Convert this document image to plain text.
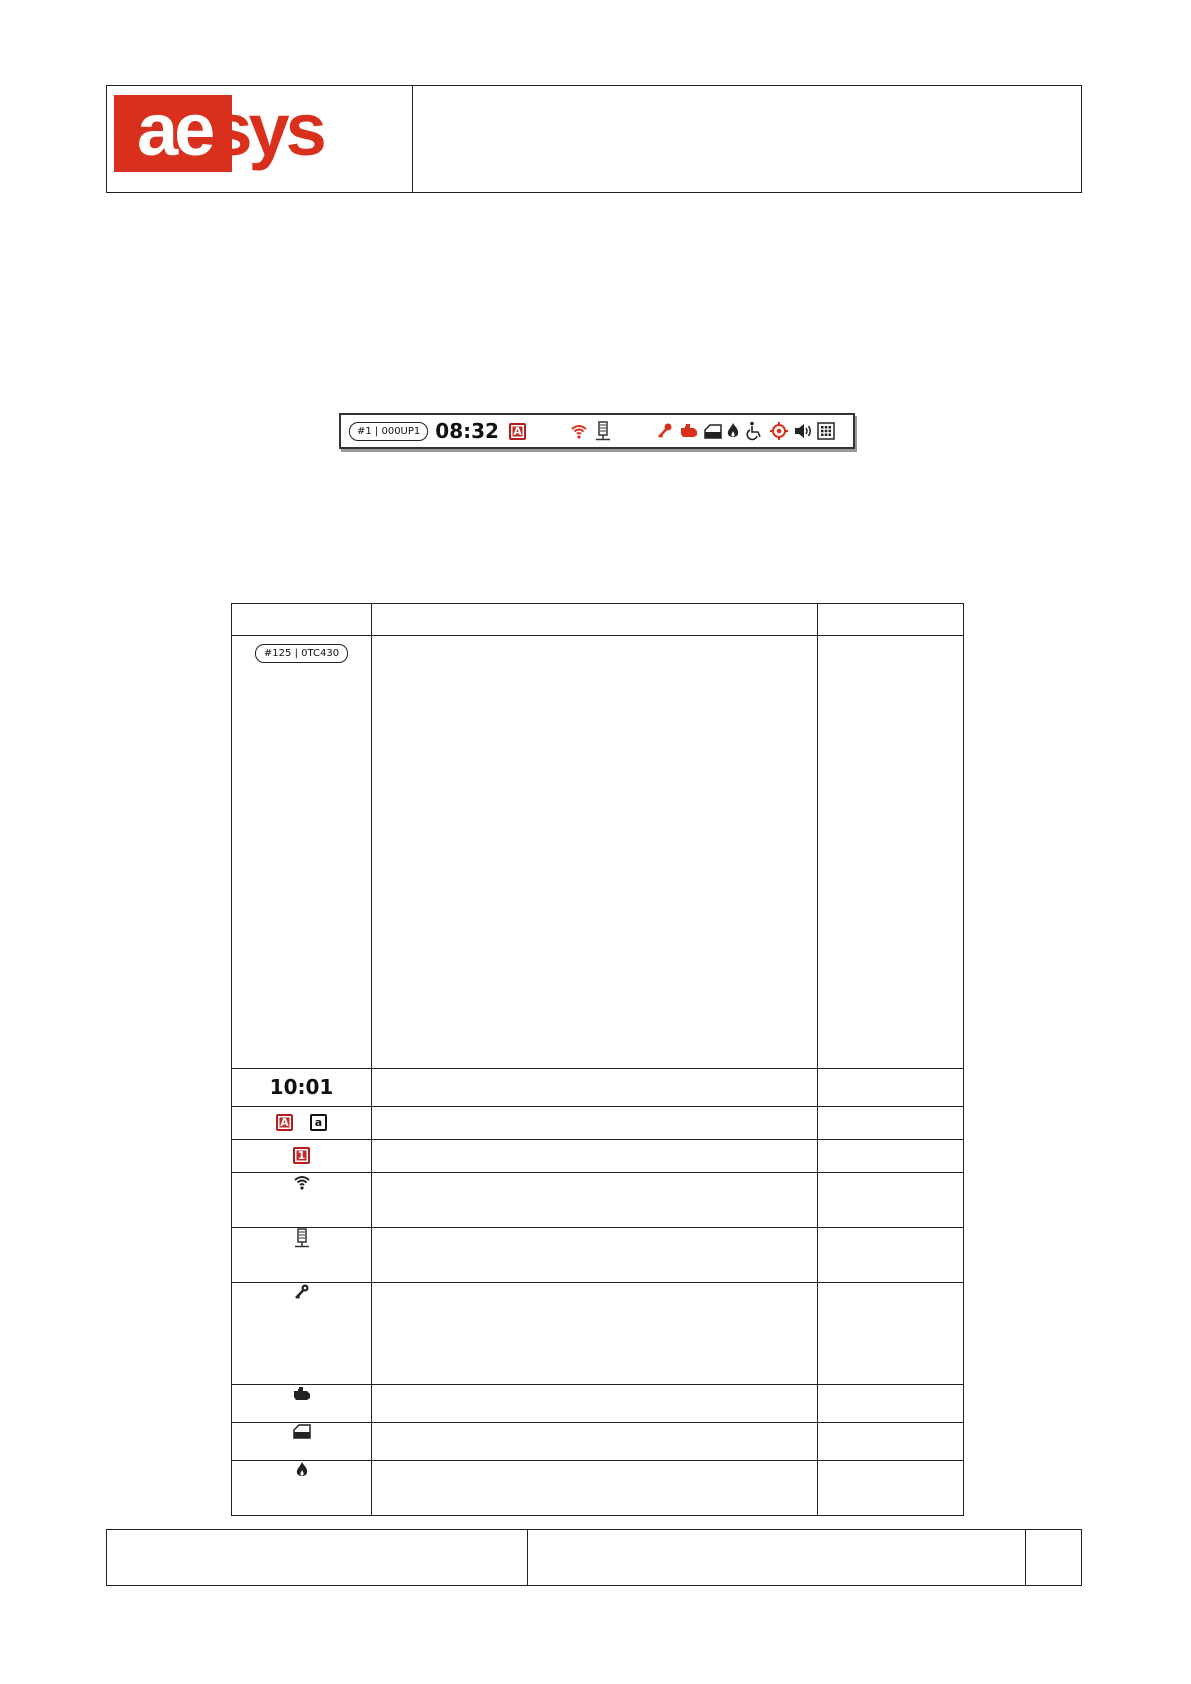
aesys
#1 | 000UP1 08:32	A

#125 | 0TC430		
10:01		

A a		

1		
